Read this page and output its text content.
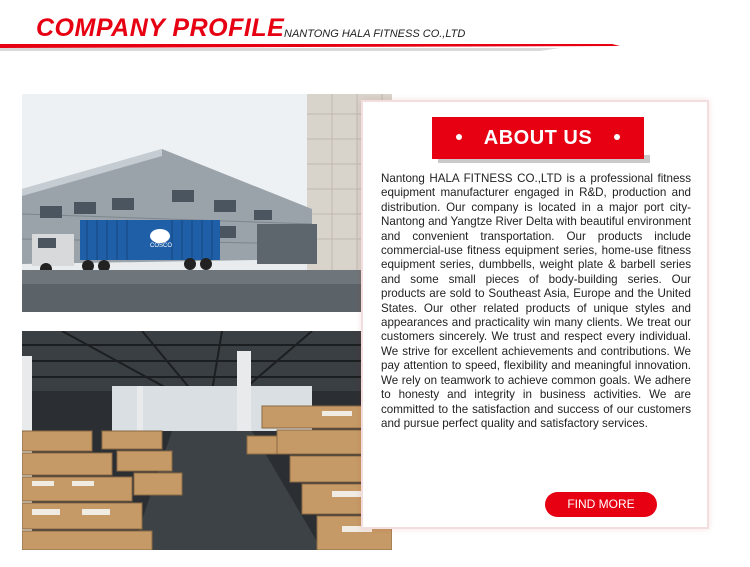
COMPANY PROFILE NANTONG HALA FITNESS CO.,LTD
COSCO
ABOUT US

Nantong HALA FITNESS CO.,LTD is a professional fitness equipment manufacturer engaged in R&D, production and distribution. Our company is located in a major port city-Nantong and Yangtze River Delta with beautiful environment and convenient transportation. Our products include commercial-use fitness equipment series, home-use fitness equipment series, dumbbells, weight plate & barbell series and some small pieces of body-building series. Our products are sold to Southeast Asia, Europe and the United States. Our other related products of unique styles and appearances and practicality win many clients. We treat our customers sincerely. We trust and respect every individual. We strive for excellent achievements and contributions. We pay attention to speed, flexibility and meaningful innovation. We rely on teamwork to achieve common goals. We adhere to honesty and integrity in business activities. We are committed to the satisfaction and success of our customers and pursue perfect quality and satisfactory services.

FIND MORE
